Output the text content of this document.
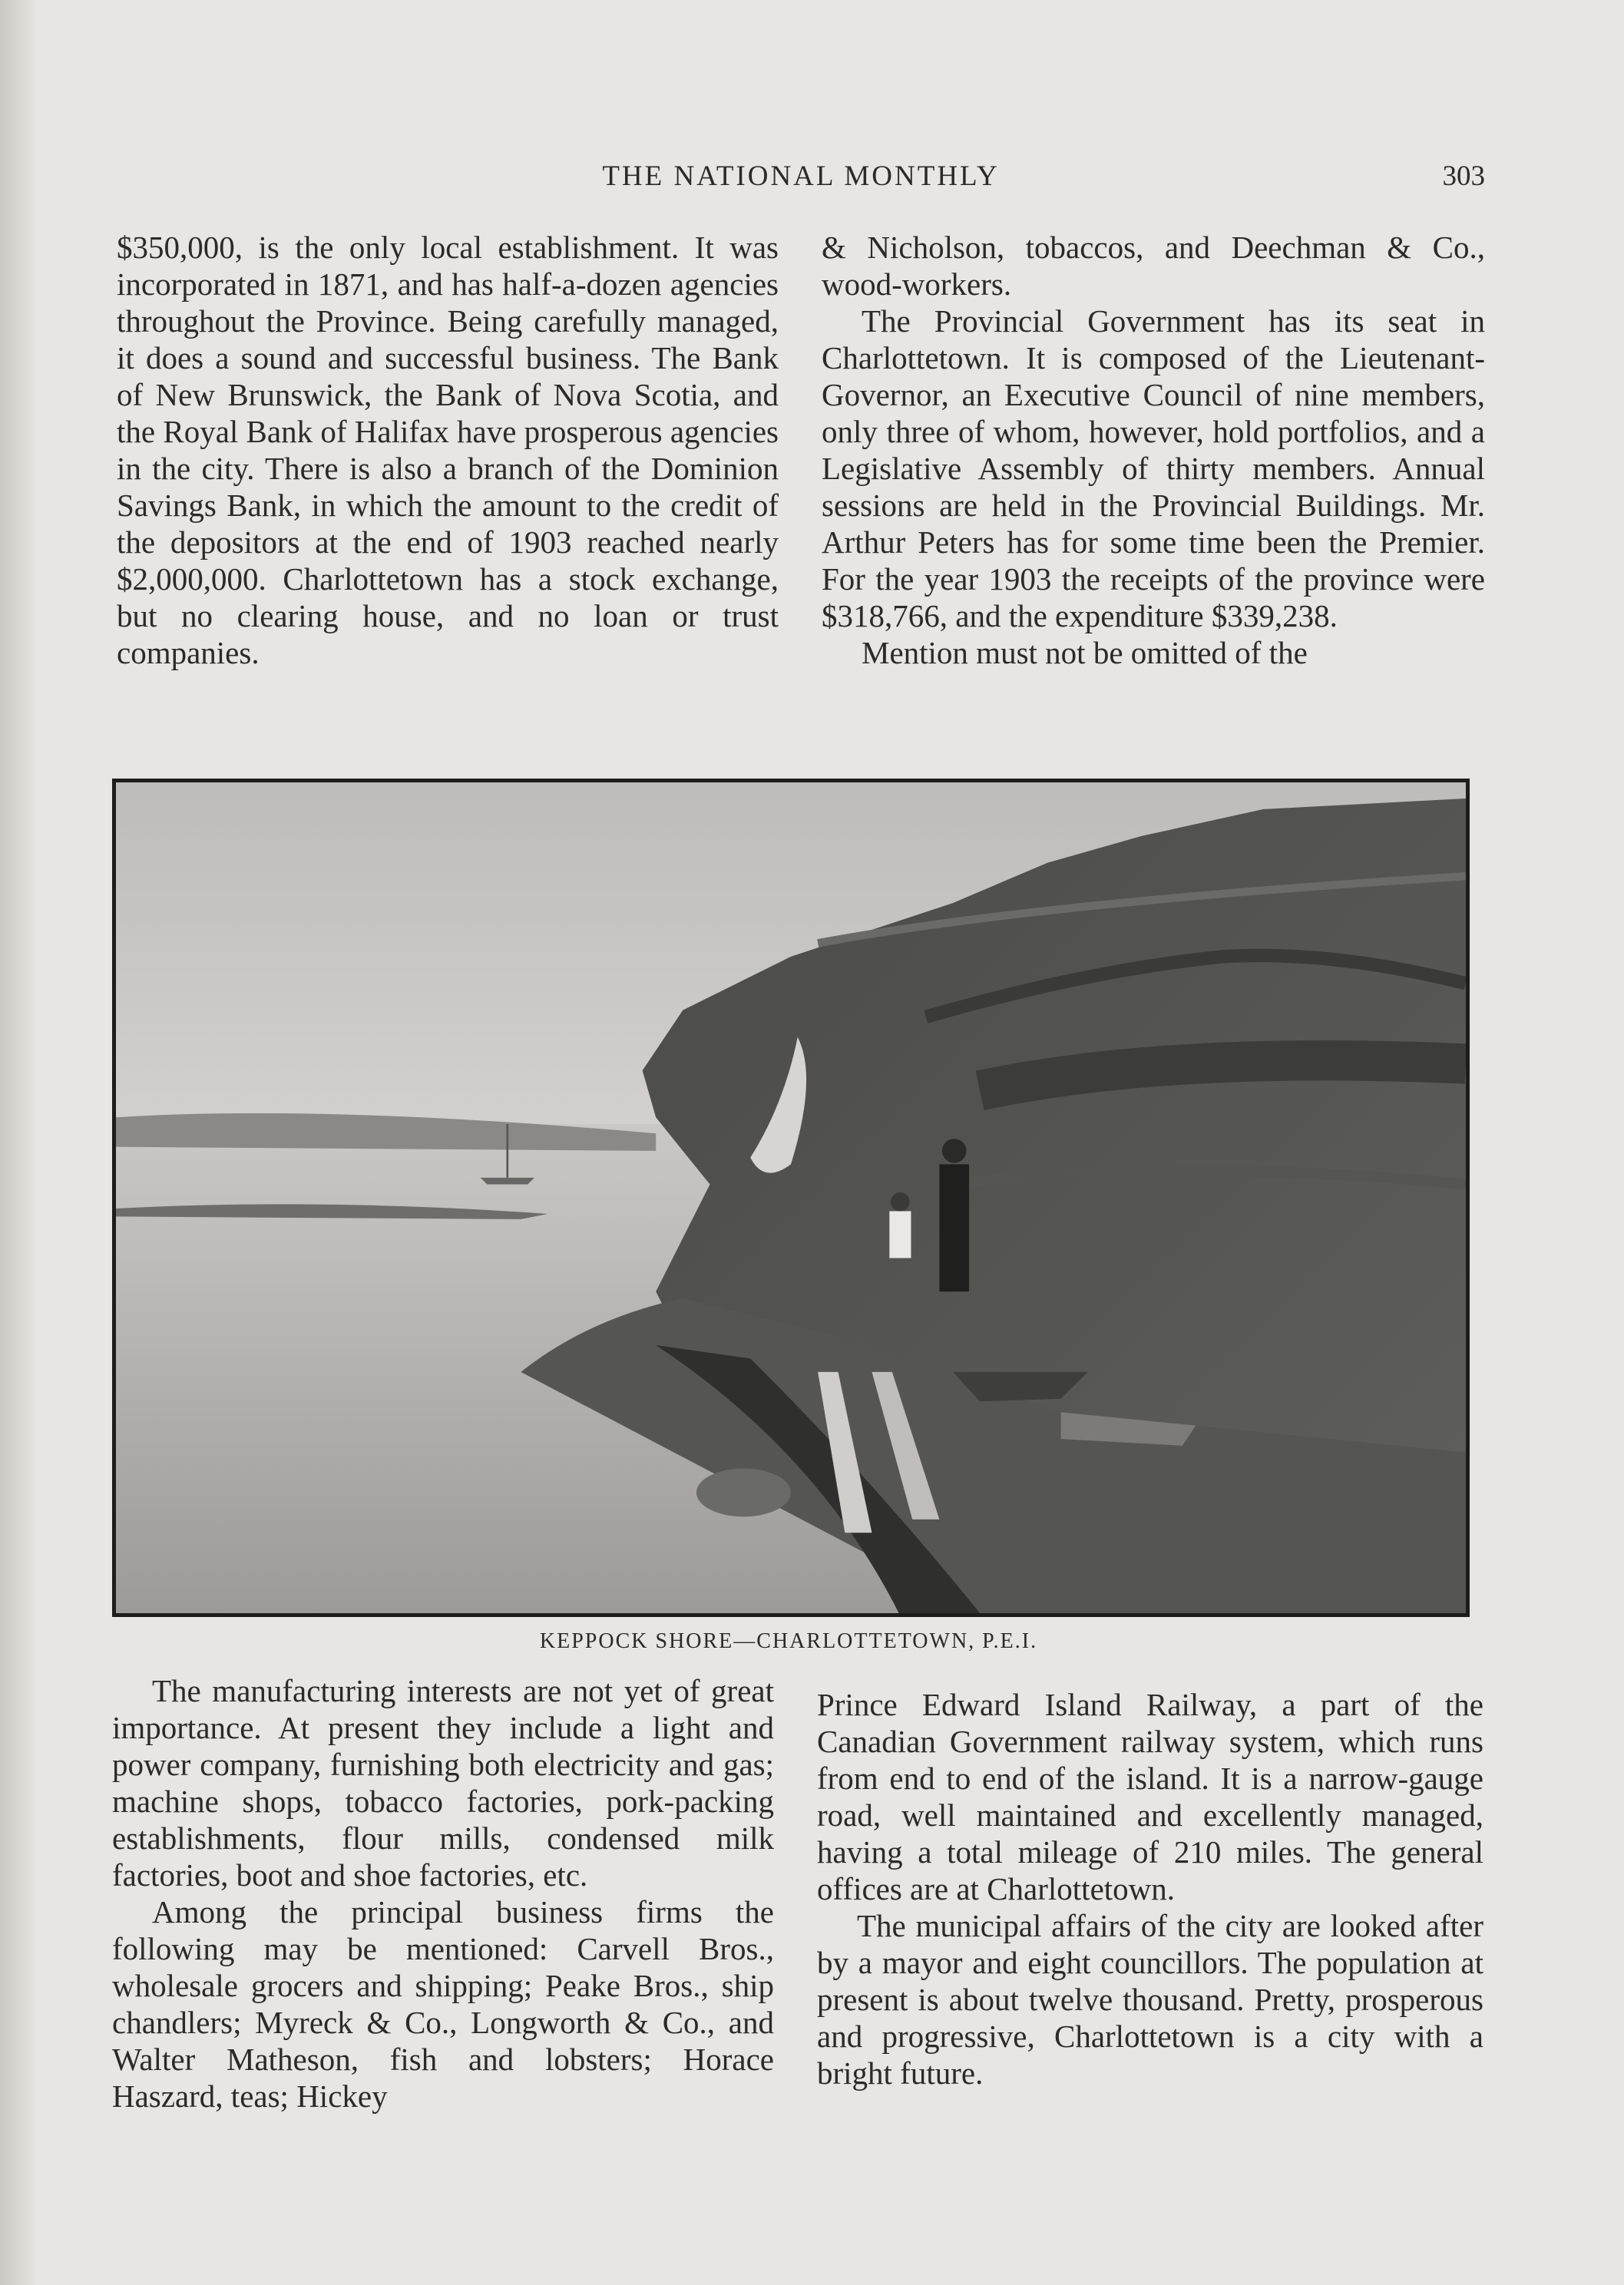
THE NATIONAL MONTHLY	303

$350,000, is the only local establishment. It was incorporated in 1871, and has half-a-dozen agencies throughout the Province. Being carefully managed, it does a sound and successful business. The Bank of New Brunswick, the Bank of Nova Scotia, and the Royal Bank of Halifax have prosperous agencies in the city. There is also a branch of the Dominion Savings Bank, in which the amount to the credit of the depositors at the end of 1903 reached nearly $2,000,000. Charlottetown has a stock exchange, but no clearing house, and no loan or trust companies.

& Nicholson, tobaccos, and Deechman & Co., wood-workers.

The Provincial Government has its seat in Charlottetown. It is composed of the Lieutenant-Governor, an Executive Council of nine members, only three of whom, however, hold portfolios, and a Legislative Assembly of thirty members. Annual sessions are held in the Provincial Buildings. Mr. Arthur Peters has for some time been the Premier. For the year 1903 the receipts of the province were $318,766, and the expenditure $339,238.

Mention must not be omitted of the

KEPPOCK SHORE—CHARLOTTETOWN, P.E.I.

The manufacturing interests are not yet of great importance. At present they include a light and power company, furnishing both electricity and gas; machine shops, tobacco factories, pork-packing establishments, flour mills, condensed milk factories, boot and shoe factories, etc.

Among the principal business firms the following may be mentioned: Carvell Bros., wholesale grocers and shipping; Peake Bros., ship chandlers; Myreck & Co., Longworth & Co., and Walter Matheson, fish and lobsters; Horace Haszard, teas; Hickey

Prince Edward Island Railway, a part of the Canadian Government railway system, which runs from end to end of the island. It is a narrow-gauge road, well maintained and excellently managed, having a total mileage of 210 miles. The general offices are at Charlottetown.

The municipal affairs of the city are looked after by a mayor and eight councillors. The population at present is about twelve thousand. Pretty, prosperous and progressive, Charlottetown is a city with a bright future.
